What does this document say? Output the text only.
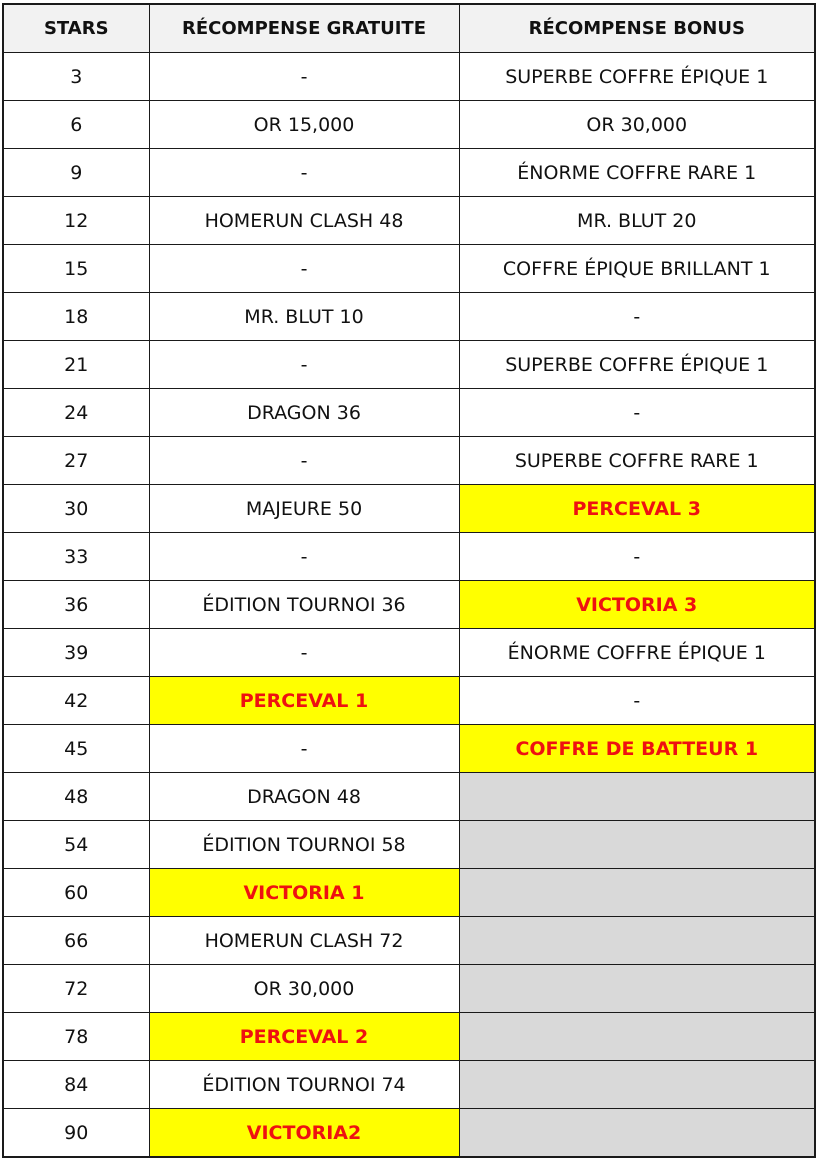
STARS	RÉCOMPENSE GRATUITE	RÉCOMPENSE BONUS
3	-	SUPERBE COFFRE ÉPIQUE 1
6	OR 15,000	OR 30,000
9	-	ÉNORME COFFRE RARE 1
12	HOMERUN CLASH 48	MR. BLUT 20
15	-	COFFRE ÉPIQUE BRILLANT 1
18	MR. BLUT 10	-
21	-	SUPERBE COFFRE ÉPIQUE 1
24	DRAGON 36	-
27	-	SUPERBE COFFRE RARE 1
30	MAJEURE 50	PERCEVAL 3
33	-	-
36	ÉDITION TOURNOI 36	VICTORIA 3
39	-	ÉNORME COFFRE ÉPIQUE 1
42	PERCEVAL 1	-
45	-	COFFRE DE BATTEUR 1
48	DRAGON 48	
54	ÉDITION TOURNOI 58	
60	VICTORIA 1	
66	HOMERUN CLASH 72	
72	OR 30,000	
78	PERCEVAL 2	
84	ÉDITION TOURNOI 74	
90	VICTORIA2	
